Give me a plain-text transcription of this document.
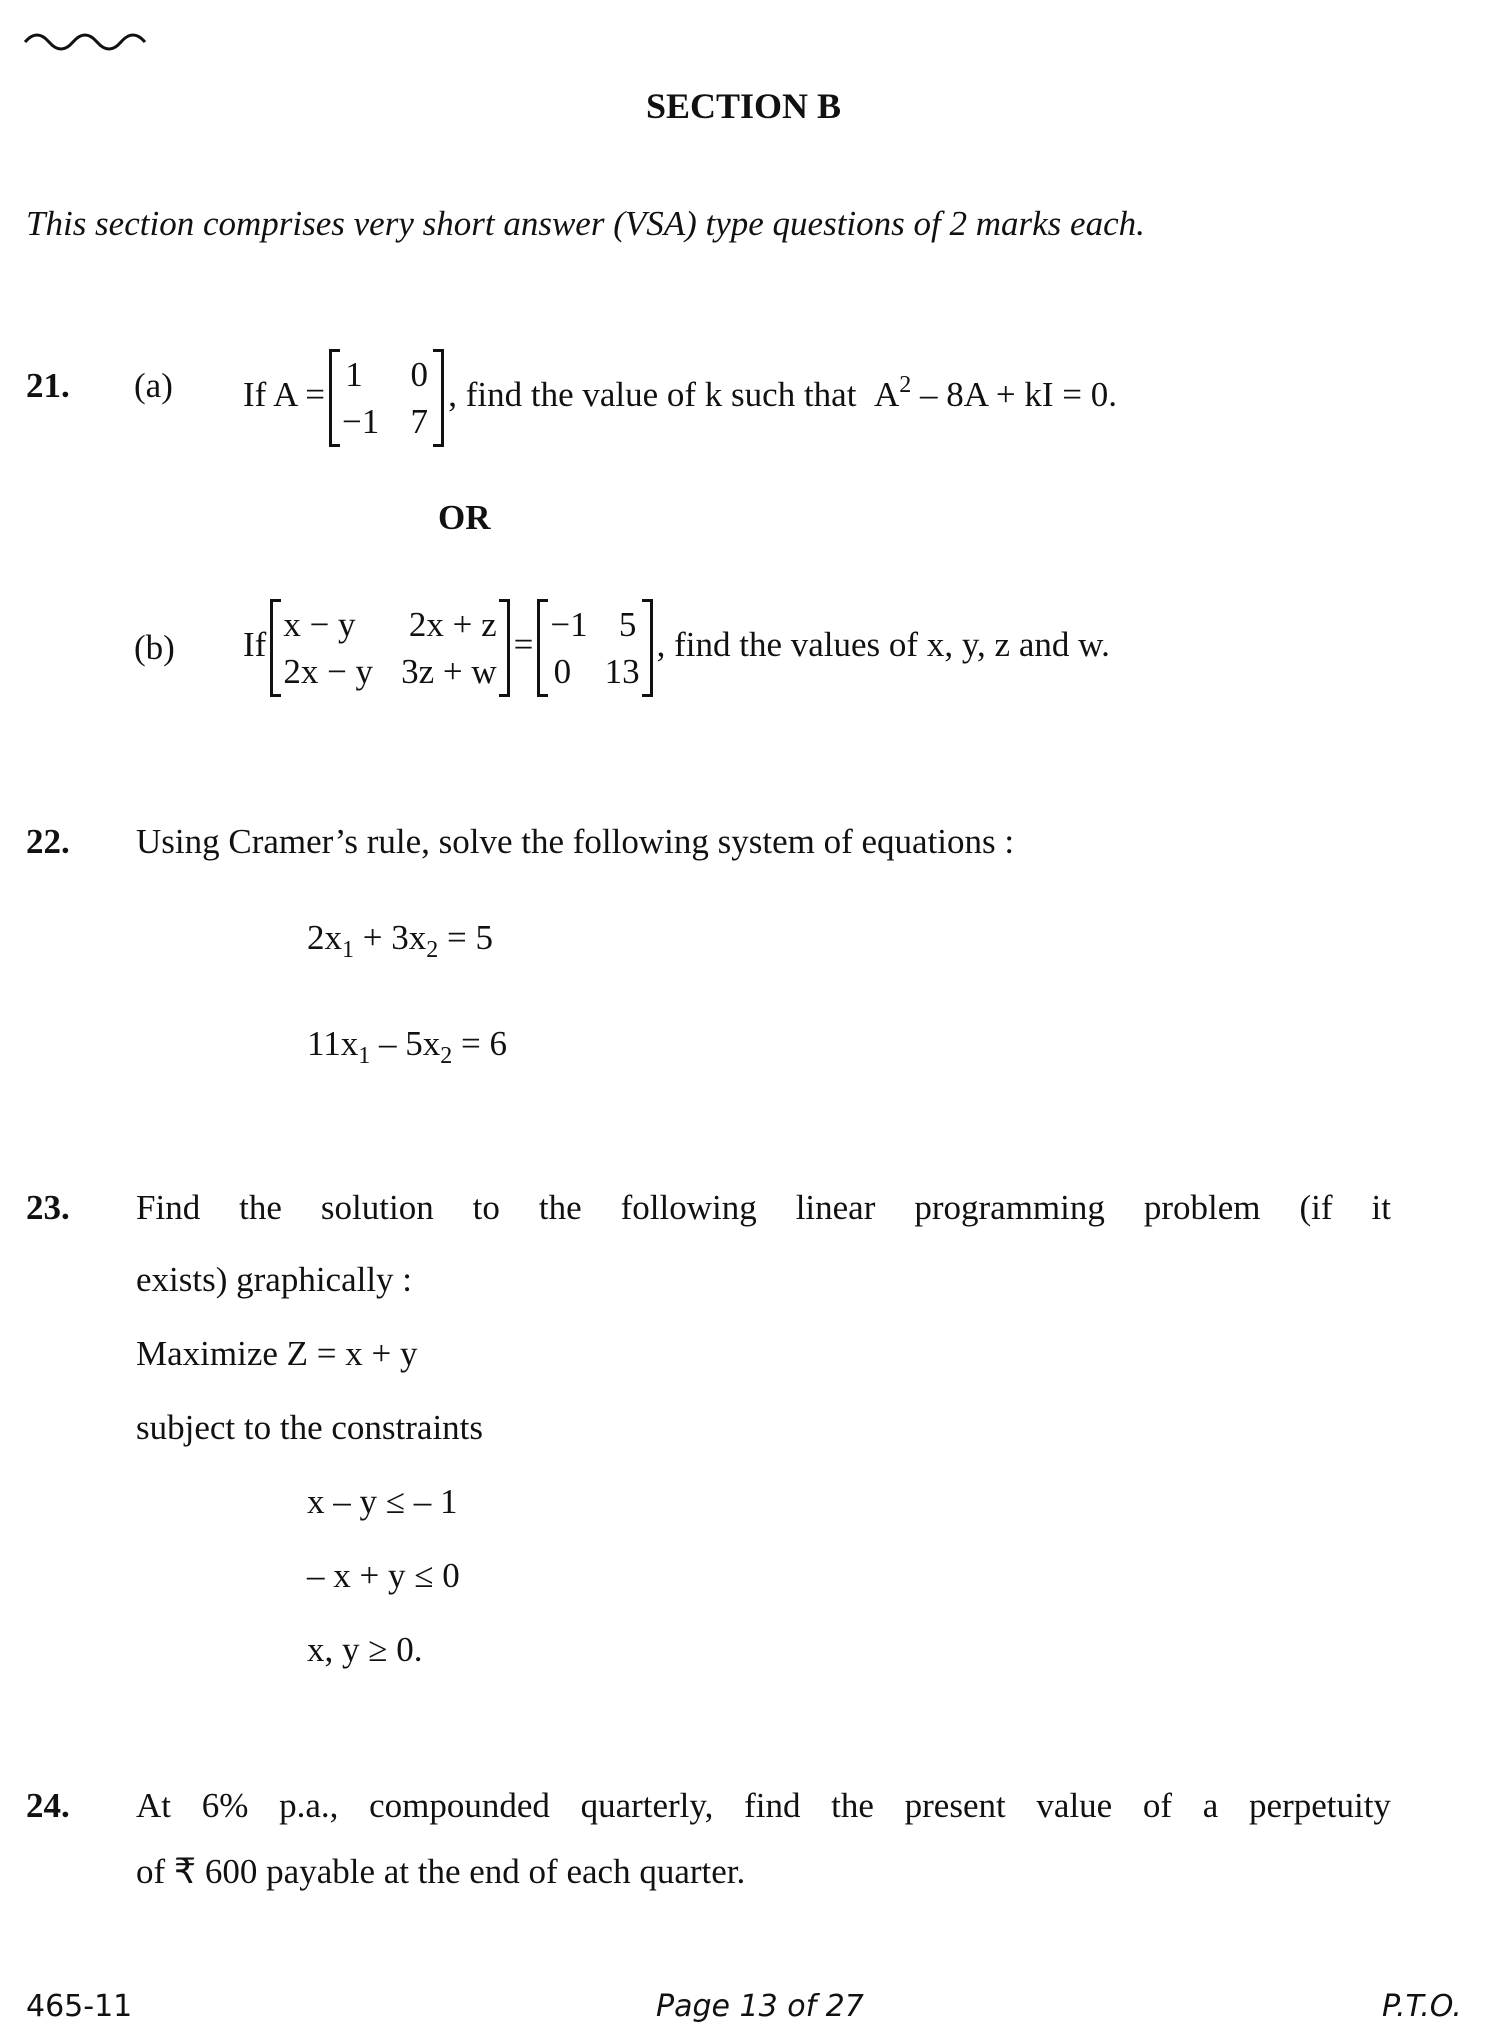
SECTION B
This section comprises very short answer (VSA) type questions of 2 marks each.
21. (a) If A =
1 0
−1 7
, find the value of k such that $A^2 - 8A$ + kI = 0.
OR
(b) If
x − y 2x + z
2x − y 3z + w
=
−1 5
0 13
, find the values of x, y, z and w.
22. Using Cramer’s rule, solve the following system of equations :
$2x_1 + 3x_2 = 5$
$11x_1 - 5x_2 = 6$
23. Find the solution to the following linear programming problem (if it
exists) graphically :
Maximize Z = x + y
subject to the constraints
x – y ≤ – 1
– x + y ≤ 0
x, y ≥ 0.
24. At 6% p.a., compounded quarterly, find the present value of a perpetuity
of ₹ 600 payable at the end of each quarter.
465-11	Page 13 of 27	P.T.O.
